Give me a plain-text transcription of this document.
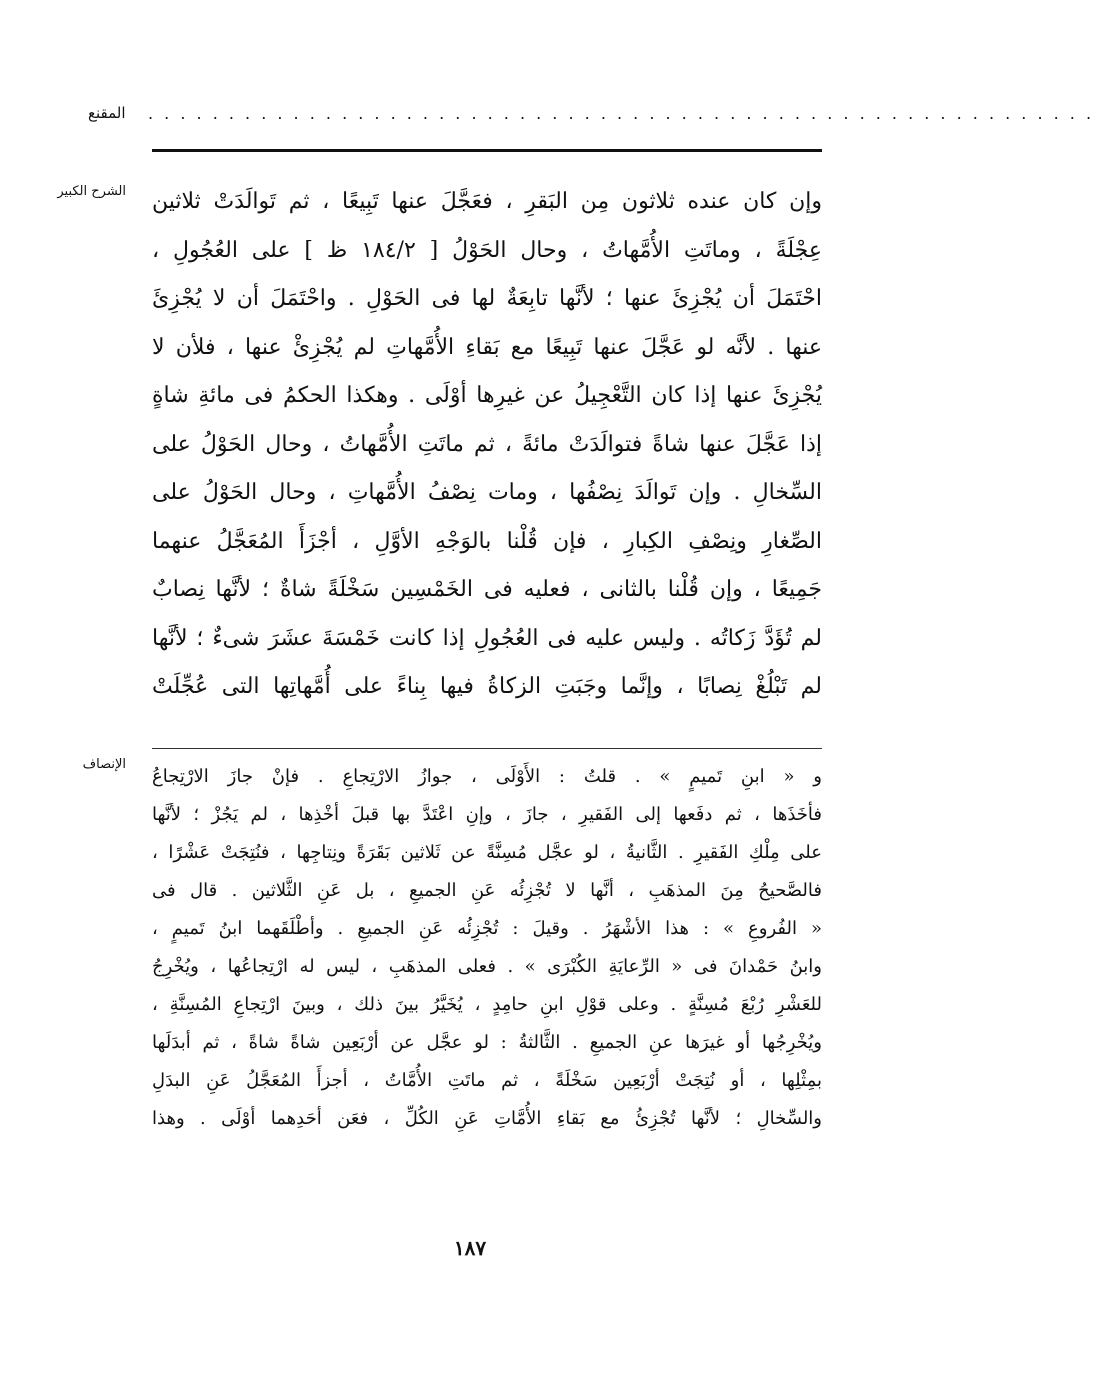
المقنع . . . . . . . . . . . . . . . . . . . . . . . . . . . . . . . . . . . . . . . . . . . . . . . . . . . . . . . . . . .
الشرح الكبير وإن كان عنده ثلاثون مِن البَقرِ ، فعَجَّلَ عنها تَبِيعًا ، ثم تَوالَدَتْ ثلاثين
عِجْلَةً ، وماتَتِ الأُمَّهاتُ ، وحال الحَوْلُ [ ١٨٤/٢ ظ ] على العُجُولِ ،
احْتَمَلَ أن يُجْزِئَ عنها ؛ لأنَّها تابِعَةٌ لها فى الحَوْلِ . واحْتَمَلَ أن لا يُجْزِئَ
عنها . لأنَّه لو عَجَّلَ عنها تَبِيعًا مع بَقاءِ الأُمَّهاتِ لم يُجْزِئْ عنها ، فلأن لا
يُجْزِئَ عنها إذا كان التَّعْجِيلُ عن غيرِها أوْلَى . وهكذا الحكمُ فى مائةِ شاةٍ
إذا عَجَّلَ عنها شاةً فتوالَدَتْ مائةً ، ثم ماتَتِ الأُمَّهاتُ ، وحال الحَوْلُ على
السِّخالِ . وإن تَوالَدَ نِصْفُها ، ومات نِصْفُ الأُمَّهاتِ ، وحال الحَوْلُ على
الصِّغارِ ونِصْفِ الكِبارِ ، فإن قُلْنا بالوَجْهِ الأوَّلِ ، أجْزَأَ المُعَجَّلُ عنهما
جَمِيعًا ، وإن قُلْنا بالثانى ، فعليه فى الخَمْسِين سَخْلَةً شاةٌ ؛ لأنَّها نِصابٌ
لم تُؤَدَّ زَكاتُه . وليس عليه فى العُجُولِ إذا كانت خَمْسَةَ عشَرَ شىءٌ ؛ لأنَّها
لم تَبْلُغْ نِصابًا ، وإنَّما وجَبَتِ الزكاةُ فيها بِناءً على أُمَّهاتِها التى عُجِّلَتْ
الإنصاف
و « ابنِ تَميمٍ » . قلتُ : الأَوْلَى ، جوازُ الارْتِجاعِ . فإنْ جازَ الارْتِجاعُ
فأخَذَها ، ثم دفَعها إلى الفَقيرِ ، جازَ ، وإنِ اعْتَدَّ بها قبلَ أخْذِها ، لم يَجُزْ ؛ لأنَّها
على مِلْكِ الفَقيرِ . الثَّانيةُ ، لو عجَّل مُسِنَّةً عن ثَلاثين بَقَرَةً ونِتاجِها ، فنُتِجَتْ عَشْرًا ،
فالصَّحيحُ مِنَ المذهَبِ ، أنَّها لا تُجْزِئُه عَنِ الجميعِ ، بل عَنِ الثَّلاثين . قال فى
« الفُروعِ » : هذا الأشْهَرُ . وقيلَ : تُجْزِئُه عَنِ الجميعِ . وأطْلَقَهما ابنُ تَميمٍ ،
وابنُ حَمْدانَ فى « الرِّعايَةِ الكُبْرَى » . فعلى المذهَبِ ، ليس له ارْتِجاعُها ، ويُخْرِجُ
للعَشْرِ رُبْعَ مُسِنَّةٍ . وعلى قوْلِ ابنِ حامِدٍ ، يُخَيَّرُ بينَ ذلك ، وبينَ ارْتِجاعِ المُسِنَّةِ ،
ويُخْرِجُها أو غيرَها عنِ الجميعِ . الثَّالثةُ : لو عجَّل عن أرْبَعِين شاةً شاةً ، ثم أبدَلَها
بمِثْلِها ، أو نُتِجَتْ أرْبَعِين سَخْلَةً ، ثم ماتَتِ الأُمَّاتُ ، أجزأَ المُعَجَّلُ عَنِ البدَلِ
والسِّخالِ ؛ لأنَّها تُجْزِئُ مع بَقاءِ الأُمَّاتِ عَنِ الكُلِّ ، فعَن أحَدِهما أوْلَى . وهذا
١٨٧
